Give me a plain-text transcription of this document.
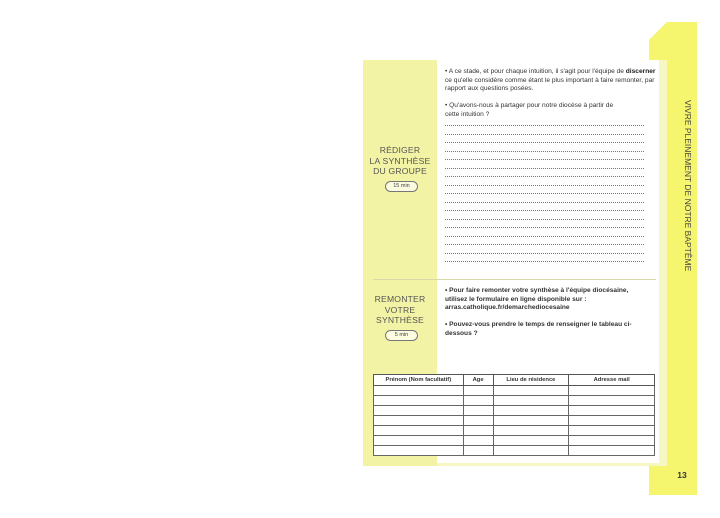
VIVRE PLEINEMENT DE NOTRE BAPTÊME
13
RÉDIGER
LA SYNTHÈSE
DU GROUPE
15 min
• A ce stade, et pour chaque intuition, il s'agit pour l'équipe de discerner ce qu'elle considère comme étant le plus important à faire remonter, par rapport aux questions posées.
• Qu'avons-nous à partager pour notre diocèse à partir de cette intuition ?
REMONTER
VOTRE
SYNTHÈSE
5 min
• Pour faire remonter votre synthèse à l'équipe diocésaine, utilisez le formulaire en ligne disponible sur : arras.catholique.fr/demarchediocesaine
• Pouvez-vous prendre le temps de renseigner le tableau ci-dessous ?
Prénom (Nom facultatif)	Age	Lieu de résidence	Adresse mail
